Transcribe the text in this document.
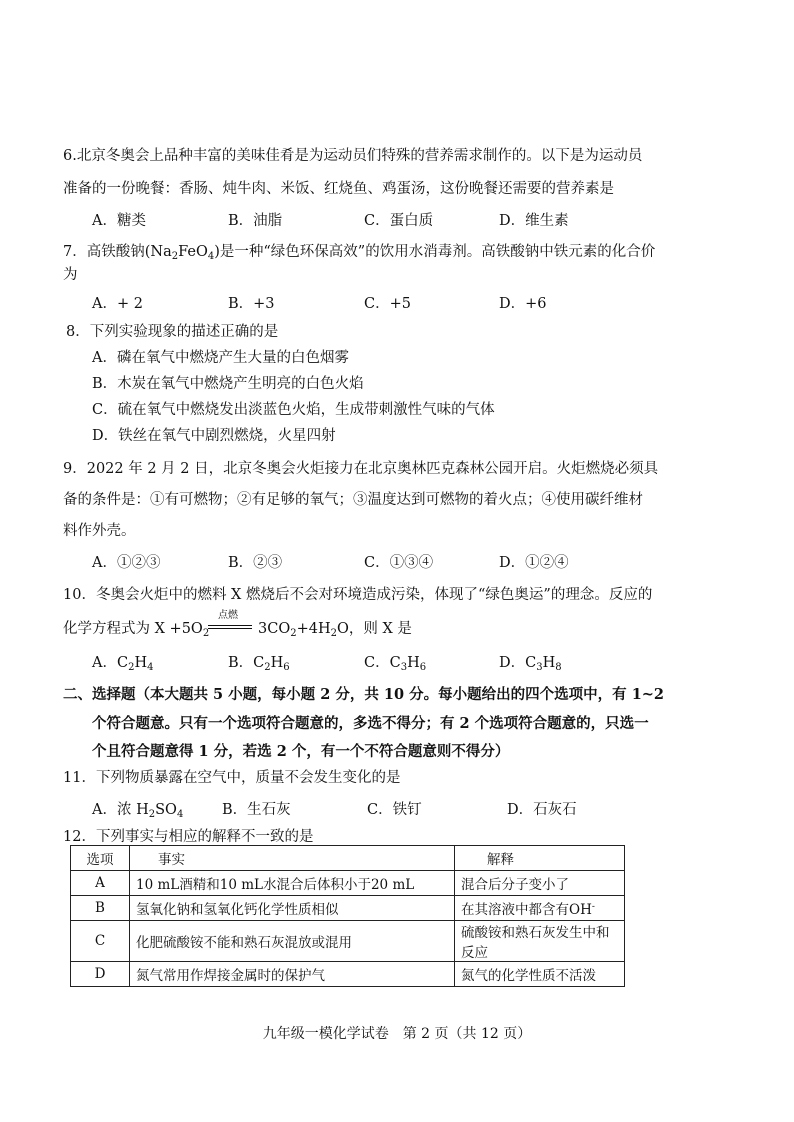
6.北京冬奥会上品种丰富的美味佳肴是为运动员们特殊的营养需求制作的。以下是为运动员
准备的一份晚餐：香肠、炖牛肉、米饭、红烧鱼、鸡蛋汤，这份晚餐还需要的营养素是
A．糖类	B．油脂	C．蛋白质	D．维生素
7．高铁酸钠$(Na_2FeO_4)$是一种“绿色环保高效”的饮用水消毒剂。高铁酸钠中铁元素的化合价
为
A．+ 2	B．+3	C．+5	D．+6
8．下列实验现象的描述正确的是
A．磷在氧气中燃烧产生大量的白色烟雾
B．木炭在氧气中燃烧产生明亮的白色火焰
C．硫在氧气中燃烧发出淡蓝色火焰，生成带刺激性气味的气体
D．铁丝在氧气中剧烈燃烧，火星四射
9．2022 年 2 月 2 日，北京冬奥会火炬接力在北京奥林匹克森林公园开启。火炬燃烧必须具
备的条件是：①有可燃物；②有足够的氧气；③温度达到可燃物的着火点；④使用碳纤维材
料作外壳。
A．①②③	B．②③	C．①③④	D．①②④
10．冬奥会火炬中的燃料 X 燃烧后不会对环境造成污染，体现了“绿色奥运”的理念。反应的
化学方程式为 $X +5O_2$
点燃
$3CO_2+4H_2O$，则 X 是
A．$C_2H_4$	B．$C_2H_6$	C．$C_3H_6$	D．$C_3H_8$
二、选择题（本大题共 5 小题，每小题 2 分，共 10 分。每小题给出的四个选项中，有 1~2
个符合题意。只有一个选项符合题意的，多选不得分；有 2 个选项符合题意的，只选一
个且符合题意得 1 分，若选 2 个，有一个不符合题意则不得分）
11．下列物质暴露在空气中，质量不会发生变化的是
A．浓 $H_2SO_4$	B．生石灰	C．铁钉	D．石灰石
12．下列事实与相应的解释不一致的是
选项	事实	解释
A	10 mL酒精和10 mL水混合后体积小于20 mL	混合后分子变小了
B	氢氧化钠和氢氧化钙化学性质相似	在其溶液中都含有OH-
C	化肥硫酸铵不能和熟石灰混放或混用	硫酸铵和熟石灰发生中和反应
D	氮气常用作焊接金属时的保护气	氮气的化学性质不活泼
九年级一模化学试卷　第 2 页（共 12 页）
